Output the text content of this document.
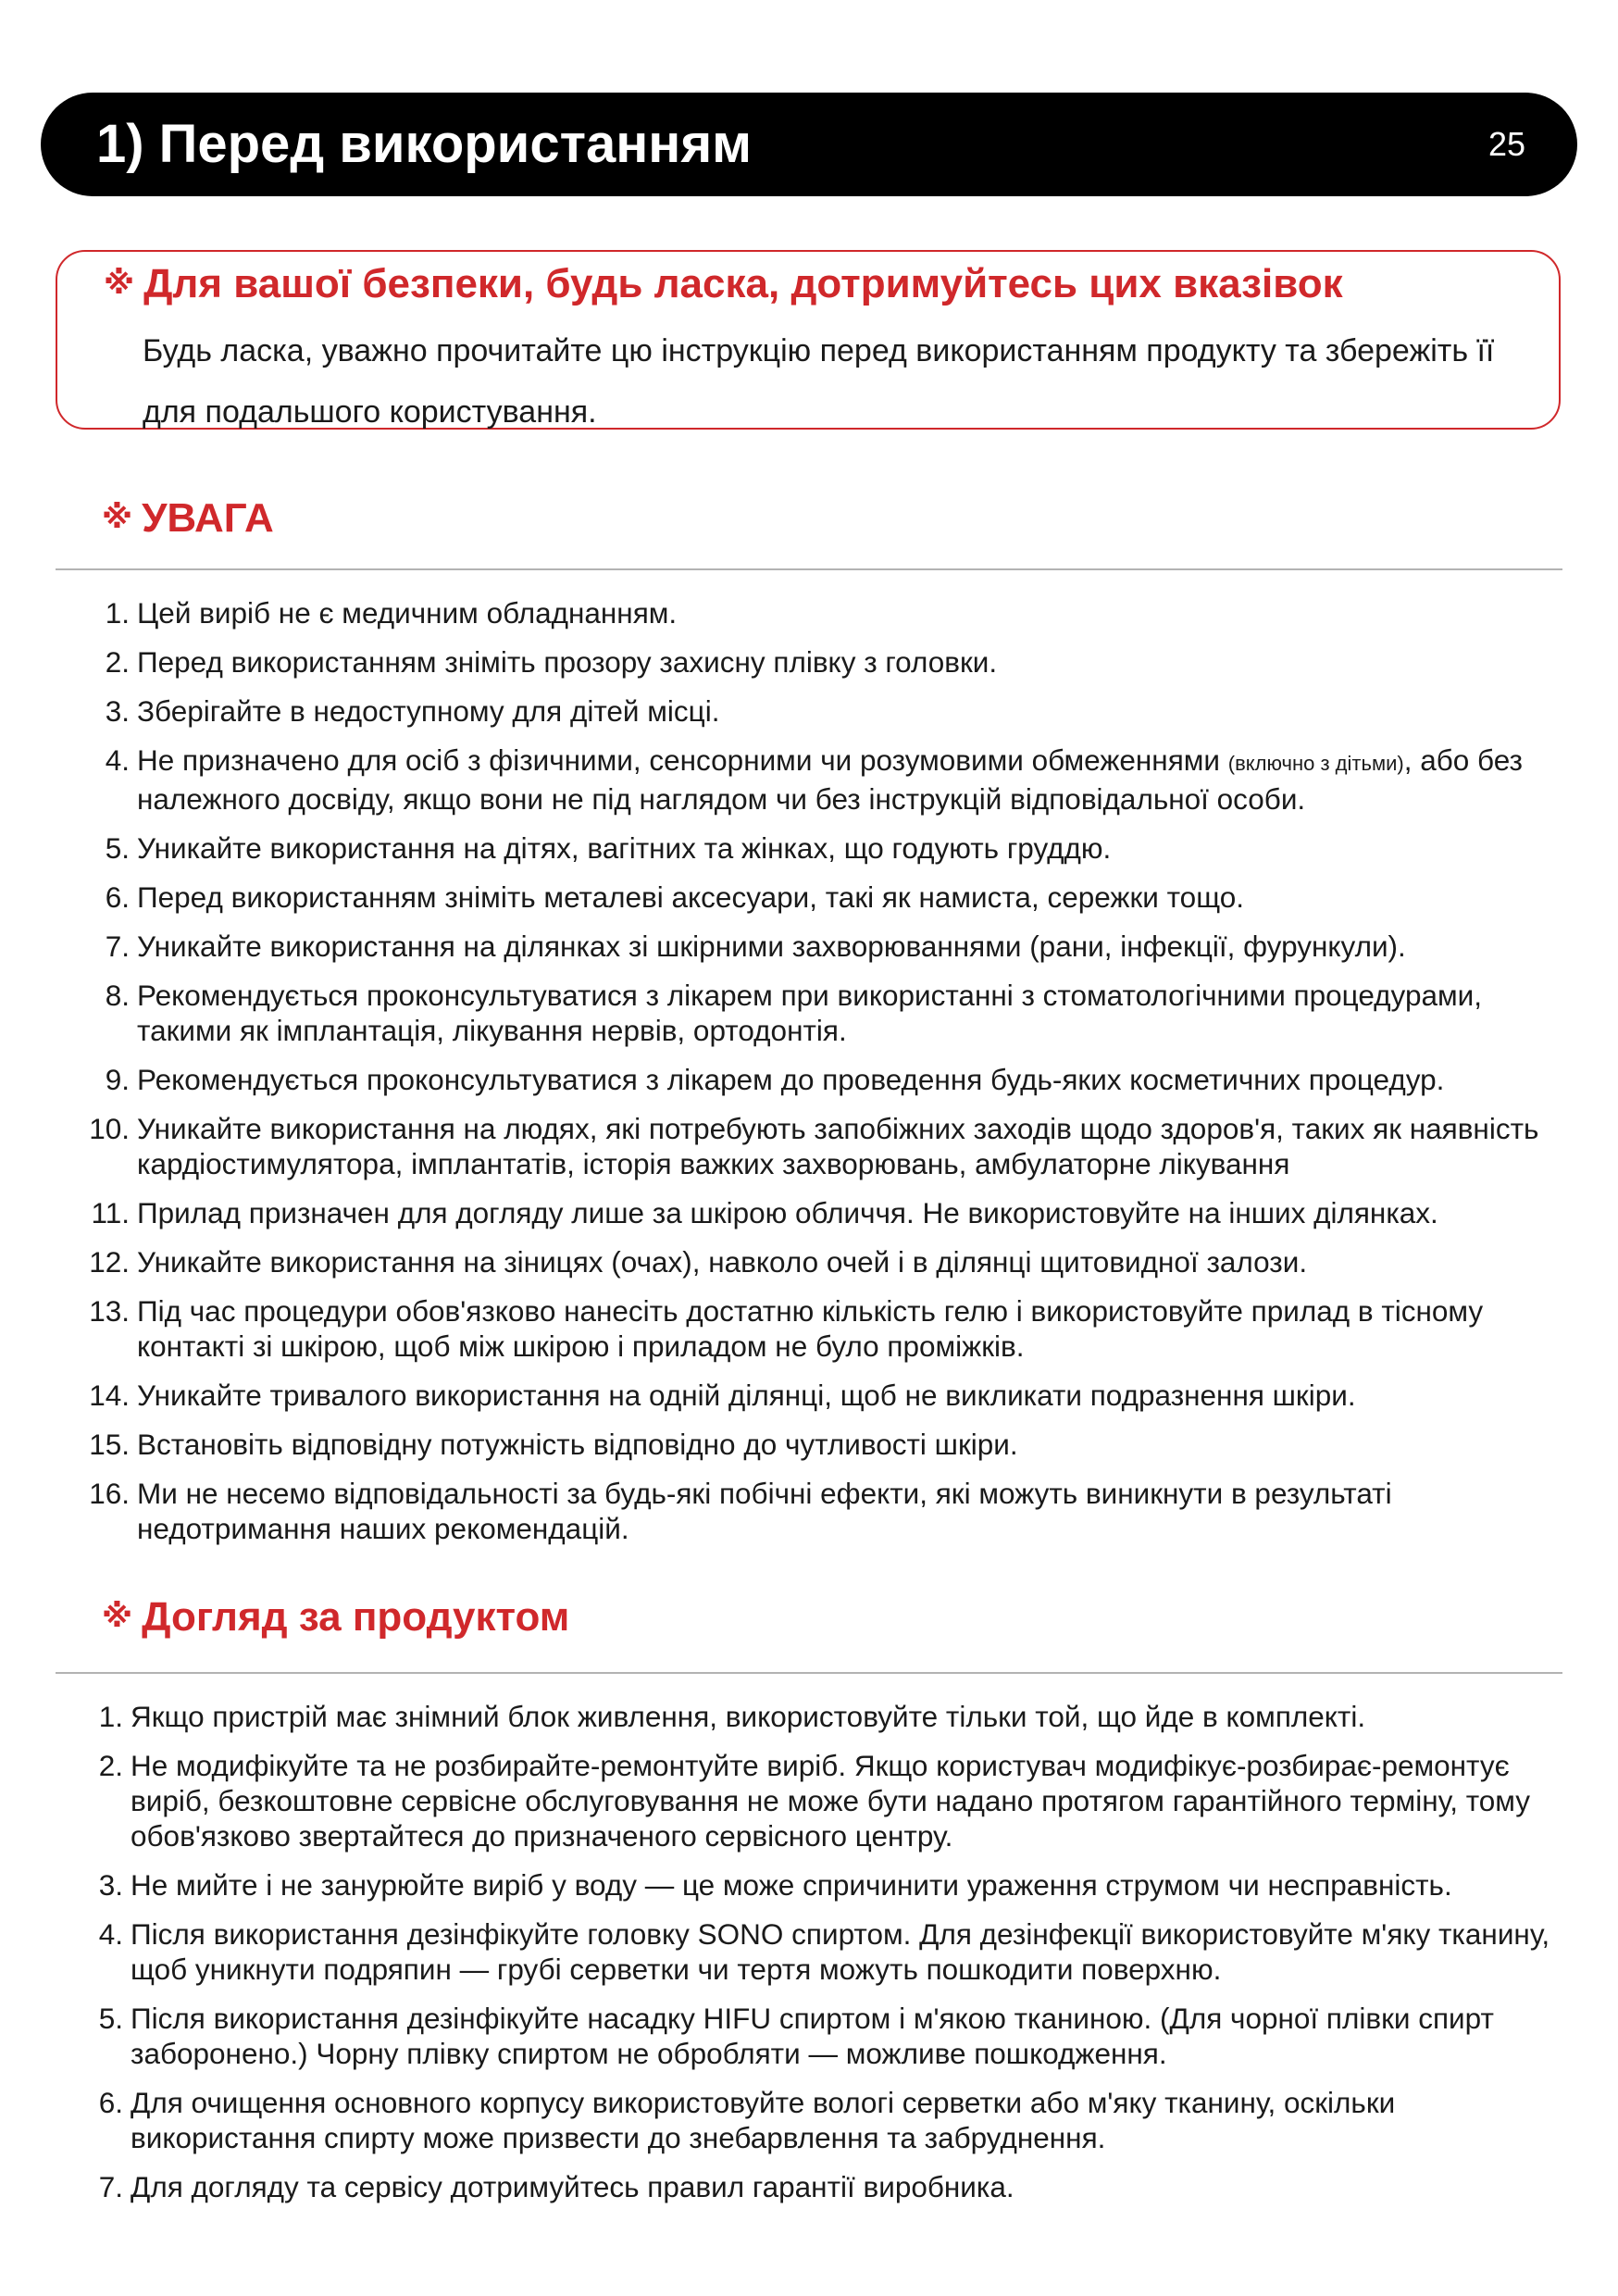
1) Перед використанням	25
※ Для вашої безпеки, будь ласка, дотримуйтесь цих вказівок
Будь ласка, уважно прочитайте цю інструкцію перед використанням продукту та збережіть її для подальшого користування.
※ УВАГА
1. Цей виріб не є медичним обладнанням.
2. Перед використанням зніміть прозору захисну плівку з головки.
3. Зберігайте в недоступному для дітей місці.
4. Не призначено для осіб з фізичними, сенсорними чи розумовими обмеженнями (включно з дітьми), або без належного досвіду, якщо вони не під наглядом чи без інструкцій відповідальної особи.
5. Уникайте використання на дітях, вагітних та жінках, що годують груддю.
6. Перед використанням зніміть металеві аксесуари, такі як намиста, сережки тощо.
7. Уникайте використання на ділянках зі шкірними захворюваннями (рани, інфекції, фурункули).
8. Рекомендується проконсультуватися з лікарем при використанні з стоматологічними процедурами, такими як імплантація, лікування нервів, ортодонтія.
9. Рекомендується проконсультуватися з лікарем до проведення будь-яких косметичних процедур.
10. Уникайте використання на людях, які потребують запобіжних заходів щодо здоров'я, таких як наявність кардіостимулятора, імплантатів, історія важких захворювань, амбулаторне лікування
11. Прилад призначен для догляду лише за шкірою обличчя. Не використовуйте на інших ділянках.
12. Уникайте використання на зіницях (очах), навколо очей і в ділянці щитовидної залози.
13. Під час процедури обов'язково нанесіть достатню кількість гелю і використовуйте прилад в тісному контакті зі шкірою, щоб між шкірою і приладом не було проміжків.
14. Уникайте тривалого використання на одній ділянці, щоб не викликати подразнення шкіри.
15. Встановіть відповідну потужність відповідно до чутливості шкіри.
16. Ми не несемо відповідальності за будь-які побічні ефекти, які можуть виникнути в результаті недотримання наших рекомендацій.
※ Догляд за продуктом
1. Якщо пристрій має знімний блок живлення, використовуйте тільки той, що йде в комплекті.
2. Не модифікуйте та не розбирайте-ремонтуйте виріб. Якщо користувач модифікує-розбирає-ремонтує виріб, безкоштовне сервісне обслуговування не може бути надано протягом гарантійного терміну, тому обов'язково звертайтеся до призначеного сервісного центру.
3. Не мийте і не занурюйте виріб у воду — це може спричинити ураження струмом чи несправність.
4. Після використання дезінфікуйте головку SONO спиртом. Для дезінфекції використовуйте м'яку тканину, щоб уникнути подряпин — грубі серветки чи тертя можуть пошкодити поверхню.
5. Після використання дезінфікуйте насадку HIFU спиртом і м'якою тканиною. (Для чорної плівки спирт заборонено.) Чорну плівку спиртом не обробляти — можливе пошкодження.
6. Для очищення основного корпусу використовуйте вологі серветки або м'яку тканину, оскільки використання спирту може призвести до знебарвлення та забруднення.
7. Для догляду та сервісу дотримуйтесь правил гарантії виробника.
